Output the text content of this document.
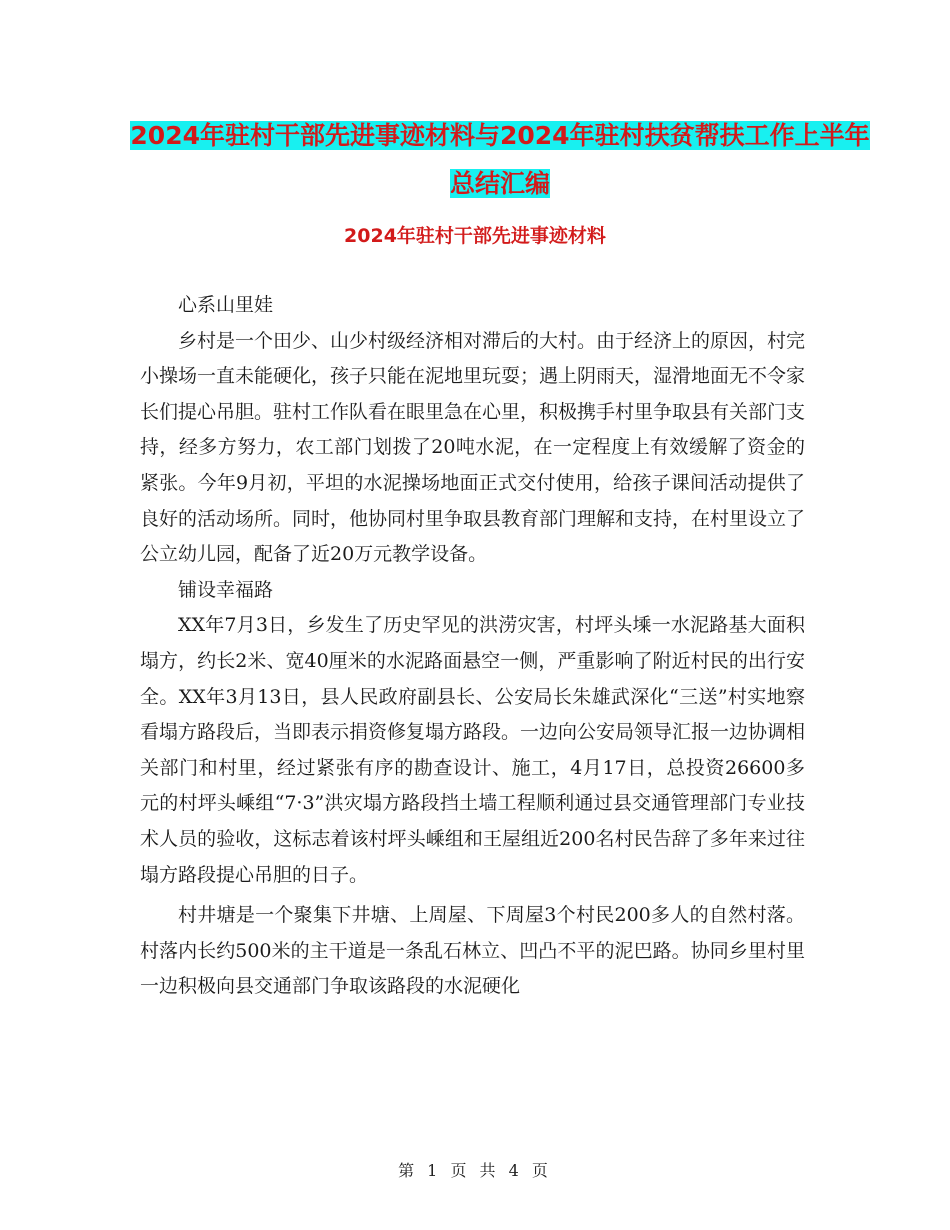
2024年驻村干部先进事迹材料与2024年驻村扶贫帮扶工作上半年总结汇编
2024年驻村干部先进事迹材料

心系山里娃

乡村是一个田少、山少村级经济相对滞后的大村。由于经济上的原因，村完小操场一直未能硬化，孩子只能在泥地里玩耍；遇上阴雨天，湿滑地面无不令家长们提心吊胆。驻村工作队看在眼里急在心里，积极携手村里争取县有关部门支持，经多方努力，农工部门划拨了20吨水泥，在一定程度上有效缓解了资金的紧张。今年9月初，平坦的水泥操场地面正式交付使用，给孩子课间活动提供了良好的活动场所。同时，他协同村里争取县教育部门理解和支持，在村里设立了公立幼儿园，配备了近20万元教学设备。

铺设幸福路

XX年7月3日，乡发生了历史罕见的洪涝灾害，村坪头塖一水泥路基大面积塌方，约长2米、宽40厘米的水泥路面悬空一侧，严重影响了附近村民的出行安全。XX年3月13日，县人民政府副县长、公安局长朱雄武深化“三送”村实地察看塌方路段后，当即表示捐资修复塌方路段。一边向公安局领导汇报一边协调相关部门和村里，经过紧张有序的勘查设计、施工，4月17日，总投资26600多元的村坪头嵊组“7·3”洪灾塌方路段挡土墙工程顺利通过县交通管理部门专业技术人员的验收，这标志着该村坪头嵊组和王屋组近200名村民告辞了多年来过往塌方路段提心吊胆的日子。

村井塘是一个聚集下井塘、上周屋、下周屋3个村民200多人的自然村落。村落内长约500米的主干道是一条乱石林立、凹凸不平的泥巴路。协同乡里村里一边积极向县交通部门争取该路段的水泥硬化

第 1 页 共 4 页
